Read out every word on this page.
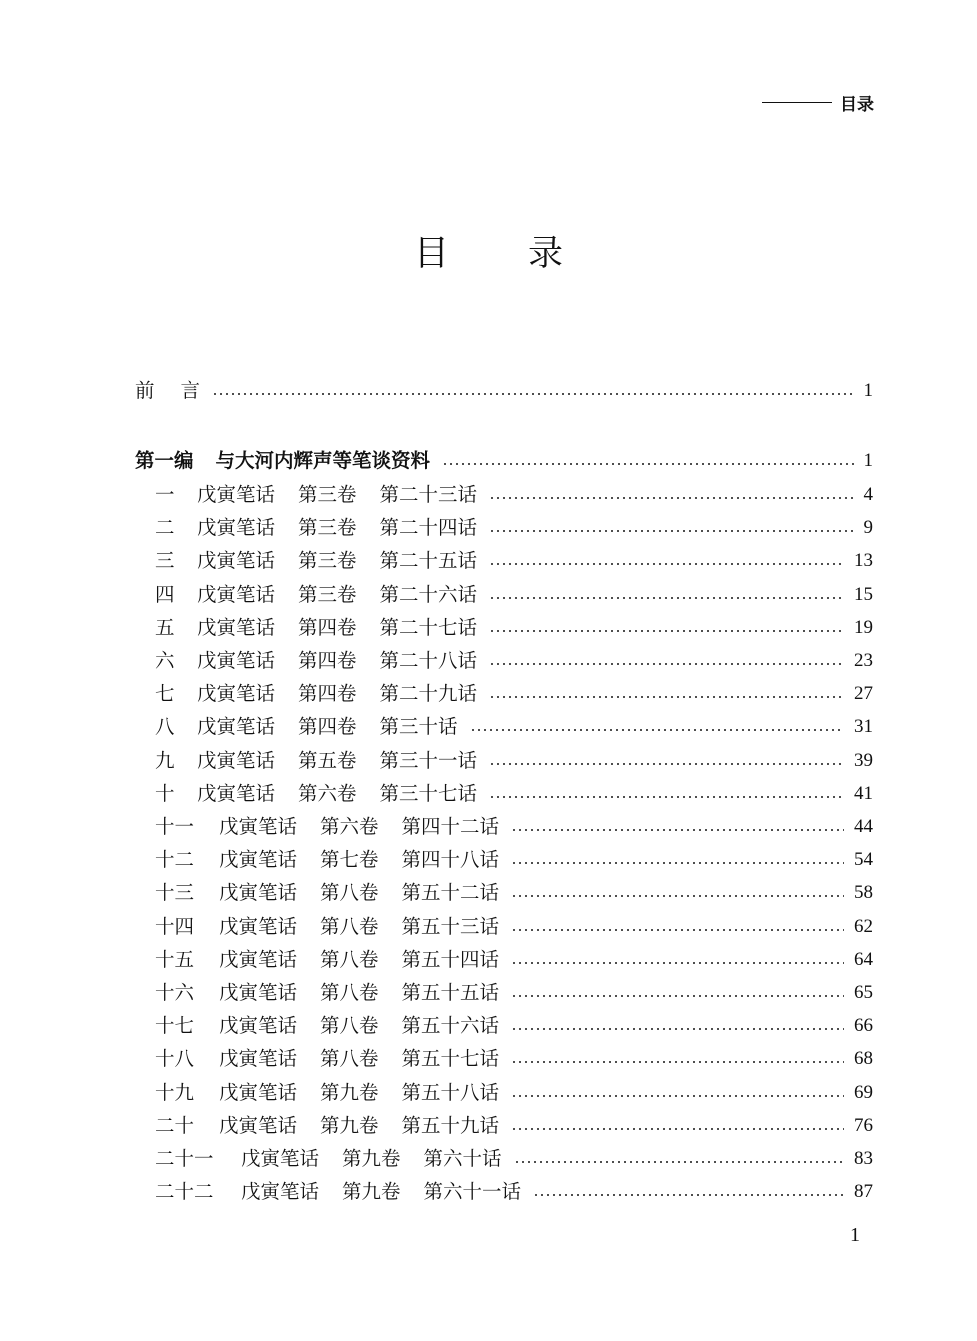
目录
目 录
前 言	1
第一编 与大河内辉声等笔谈资料	1
一 戊寅笔话 第三卷 第二十三话	4
二 戊寅笔话 第三卷 第二十四话	9
三 戊寅笔话 第三卷 第二十五话	13
四 戊寅笔话 第三卷 第二十六话	15
五 戊寅笔话 第四卷 第二十七话	19
六 戊寅笔话 第四卷 第二十八话	23
七 戊寅笔话 第四卷 第二十九话	27
八 戊寅笔话 第四卷 第三十话	31
九 戊寅笔话 第五卷 第三十一话	39
十 戊寅笔话 第六卷 第三十七话	41
十一 戊寅笔话 第六卷 第四十二话	44
十二 戊寅笔话 第七卷 第四十八话	54
十三 戊寅笔话 第八卷 第五十二话	58
十四 戊寅笔话 第八卷 第五十三话	62
十五 戊寅笔话 第八卷 第五十四话	64
十六 戊寅笔话 第八卷 第五十五话	65
十七 戊寅笔话 第八卷 第五十六话	66
十八 戊寅笔话 第八卷 第五十七话	68
十九 戊寅笔话 第九卷 第五十八话	69
二十 戊寅笔话 第九卷 第五十九话	76
二十一 戊寅笔话 第九卷 第六十话	83
二十二 戊寅笔话 第九卷 第六十一话	87
1
